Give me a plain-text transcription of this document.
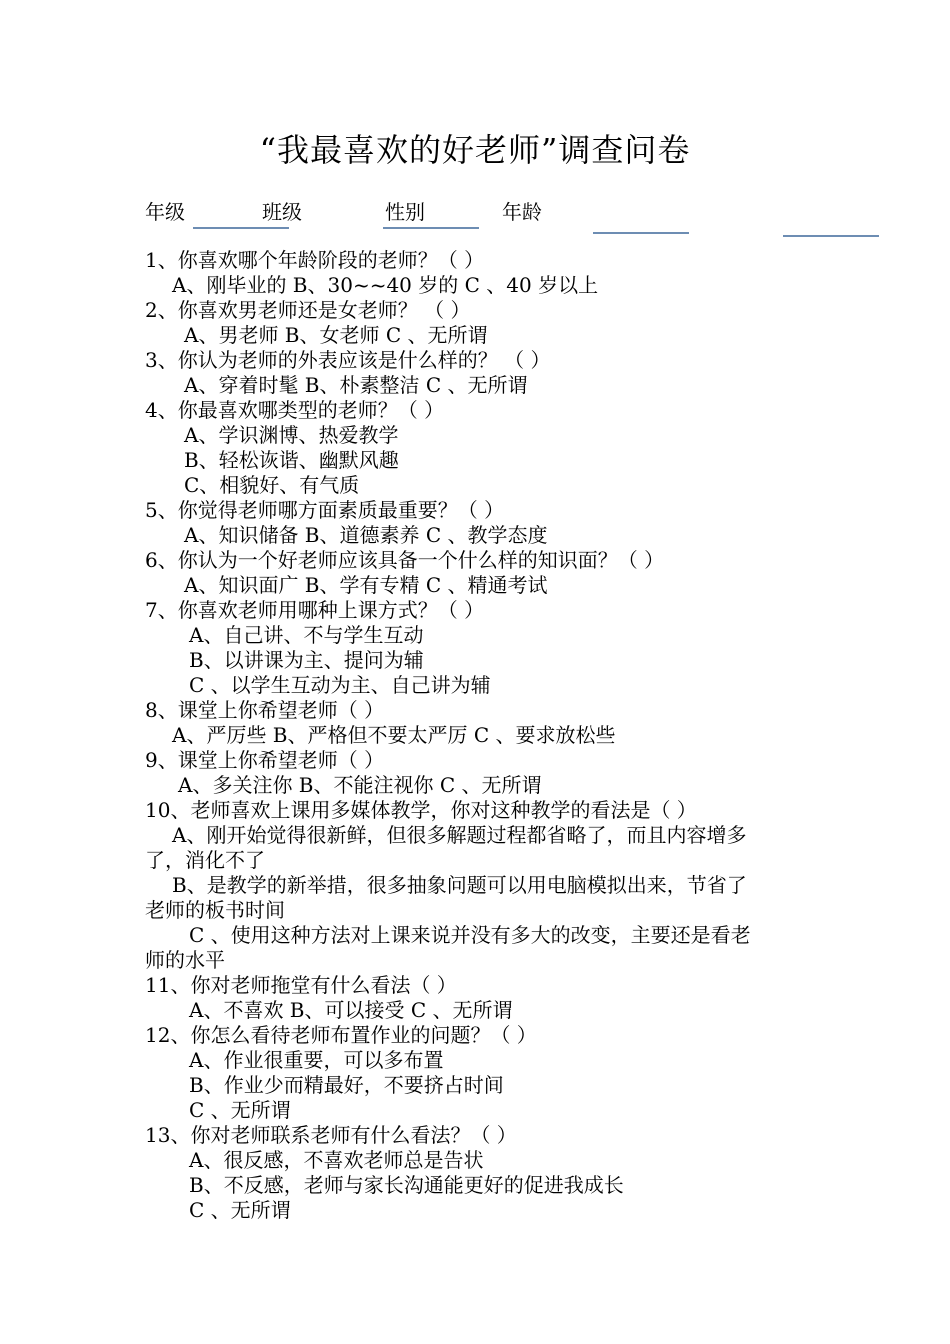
“我最喜欢的好老师”调查问卷
年级	班级	性别	年龄
1、你喜欢哪个年龄阶段的老师？（ ）
A、刚毕业的 B、30~~40 岁的 C 、40 岁以上
2、你喜欢男老师还是女老师？ （ ）
A、男老师 B、女老师 C 、无所谓
3、你认为老师的外表应该是什么样的？ （ ）
A、穿着时髦 B、朴素整洁 C 、无所谓
4、你最喜欢哪类型的老师？（ ）
A、学识渊博、热爱教学
B、轻松诙谐、幽默风趣
C、相貌好、有气质
5、你觉得老师哪方面素质最重要？（ ）
A、知识储备 B、道德素养 C 、教学态度
6、你认为一个好老师应该具备一个什么样的知识面？（ ）
A、知识面广 B、学有专精 C 、精通考试
7、你喜欢老师用哪种上课方式？（ ）
A、自己讲、不与学生互动
B、以讲课为主、提问为辅
C 、以学生互动为主、自己讲为辅
8、课堂上你希望老师（ ）
A、严厉些 B、严格但不要太严厉 C 、要求放松些
9、课堂上你希望老师（ ）
A、多关注你 B、不能注视你 C 、无所谓
10、老师喜欢上课用多媒体教学，你对这种教学的看法是（ ）
A、刚开始觉得很新鲜，但很多解题过程都省略了，而且内容增多
了，消化不了
B、是教学的新举措，很多抽象问题可以用电脑模拟出来，节省了
老师的板书时间
C 、使用这种方法对上课来说并没有多大的改变，主要还是看老
师的水平
11、你对老师拖堂有什么看法（ ）
A、不喜欢 B、可以接受 C 、无所谓
12、你怎么看待老师布置作业的问题？（ ）
A、作业很重要，可以多布置
B、作业少而精最好，不要挤占时间
C 、无所谓
13、你对老师联系老师有什么看法？（ ）
A、很反感，不喜欢老师总是告状
B、不反感，老师与家长沟通能更好的促进我成长
C 、无所谓
